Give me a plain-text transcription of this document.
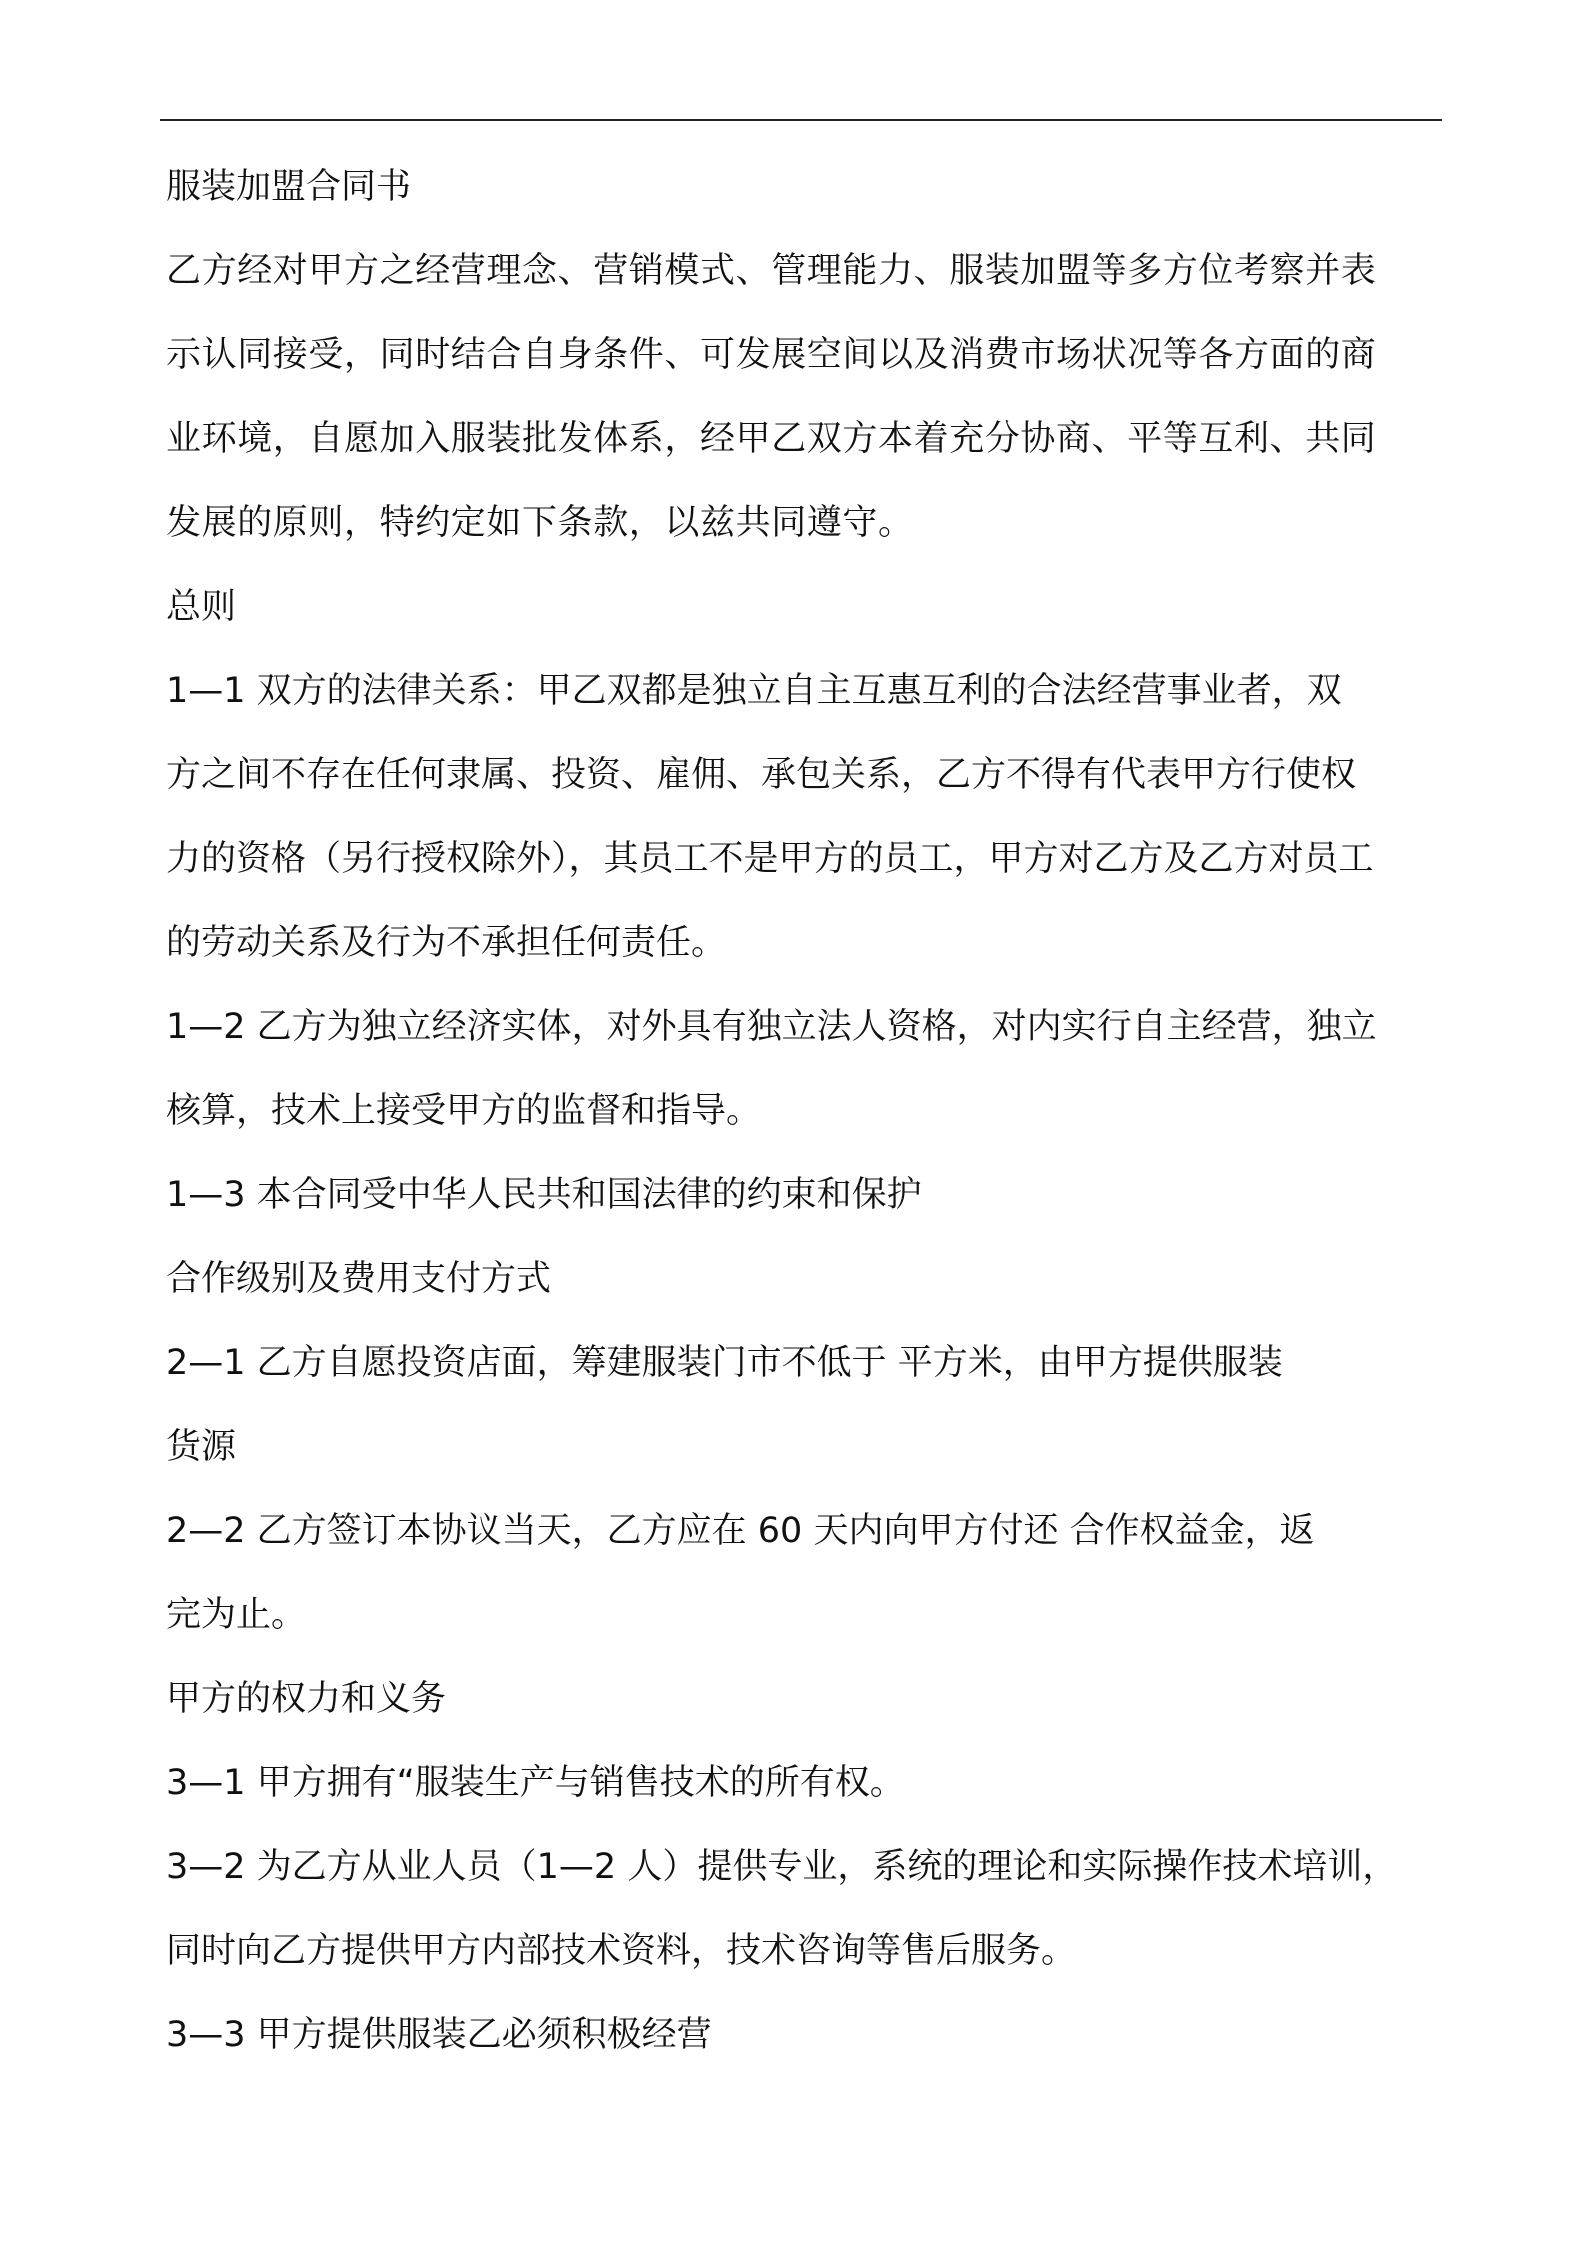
服装加盟合同书
乙方经对甲方之经营理念、营销模式、管理能力、服装加盟等多方位考察并表
示认同接受，同时结合自身条件、可发展空间以及消费市场状况等各方面的商
业环境，自愿加入服装批发体系，经甲乙双方本着充分协商、平等互利、共同
发展的原则，特约定如下条款，以兹共同遵守。
总则
1—1 双方的法律关系：甲乙双都是独立自主互惠互利的合法经营事业者，双
方之间不存在任何隶属、投资、雇佣、承包关系，乙方不得有代表甲方行使权
力的资格（另行授权除外），其员工不是甲方的员工，甲方对乙方及乙方对员工
的劳动关系及行为不承担任何责任。
1—2 乙方为独立经济实体，对外具有独立法人资格，对内实行自主经营，独立
核算，技术上接受甲方的监督和指导。
1—3 本合同受中华人民共和国法律的约束和保护
合作级别及费用支付方式
2—1 乙方自愿投资店面，筹建服装门市不低于 平方米，由甲方提供服装
货源
2—2 乙方签订本协议当天，乙方应在 60 天内向甲方付还 合作权益金，返
完为止。
甲方的权力和义务
3—1 甲方拥有“服装生产与销售技术的所有权。
3—2 为乙方从业人员（1—2 人）提供专业，系统的理论和实际操作技术培训，
同时向乙方提供甲方内部技术资料，技术咨询等售后服务。
3—3 甲方提供服装乙必须积极经营
